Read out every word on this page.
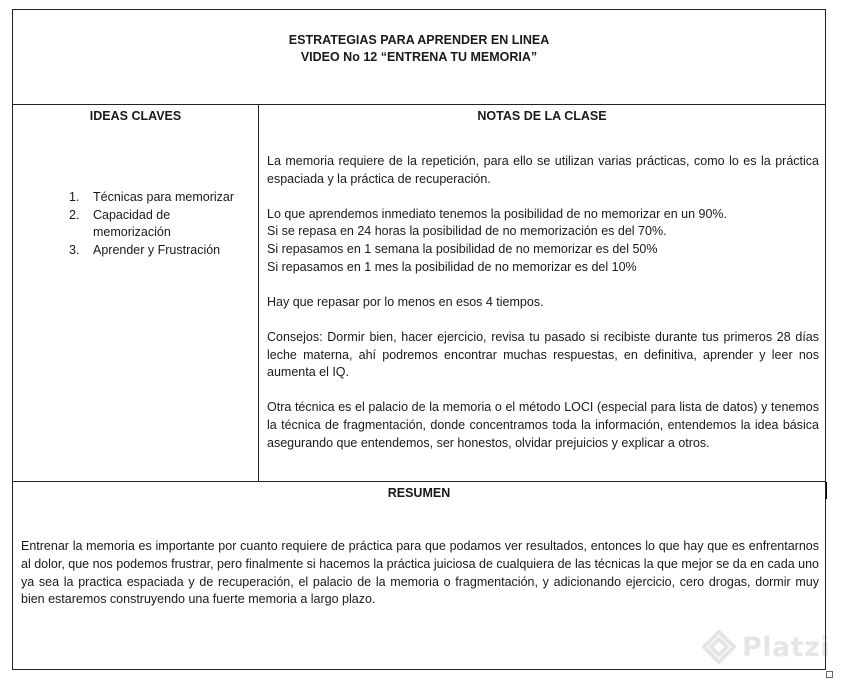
ESTRATEGIAS PARA APRENDER EN LINEA
VIDEO No 12 “ENTRENA TU MEMORIA”
IDEAS CLAVES
1. Técnicas para memorizar
2. Capacidad de memorización
3. Aprender y Frustración
NOTAS DE LA CLASE

La memoria requiere de la repetición, para ello se utilizan varias prácticas, como lo es la práctica espaciada y la práctica de recuperación.

Lo que aprendemos inmediato tenemos la posibilidad de no memorizar en un 90%.

Si se repasa en 24 horas la posibilidad de no memorización es del 70%.

Si repasamos en 1 semana la posibilidad de no memorizar es del 50%

Si repasamos en 1 mes la posibilidad de no memorizar es del 10%

Hay que repasar por lo menos en esos 4 tiempos.

Consejos: Dormir bien, hacer ejercicio, revisa tu pasado si recibiste durante tus primeros 28 días leche materna, ahí podremos encontrar muchas respuestas, en definitiva, aprender y leer nos aumenta el IQ.

Otra técnica es el palacio de la memoria o el método LOCI (especial para lista de datos) y tenemos la técnica de fragmentación, donde concentramos toda la información, entendemos la idea básica asegurando que entendemos, ser honestos, olvidar prejuicios y explicar a otros.

RESUMEN
Entrenar la memoria es importante por cuanto requiere de práctica para que podamos ver resultados, entonces lo que hay que es enfrentarnos al dolor, que nos podemos frustrar, pero finalmente si hacemos la práctica juiciosa de cualquiera de las técnicas la que mejor se da en cada uno ya sea la practica espaciada y de recuperación, el palacio de la memoria o fragmentación, y adicionando ejercicio, cero drogas, dormir muy bien estaremos construyendo una fuerte memoria a largo plazo.
Platzi
